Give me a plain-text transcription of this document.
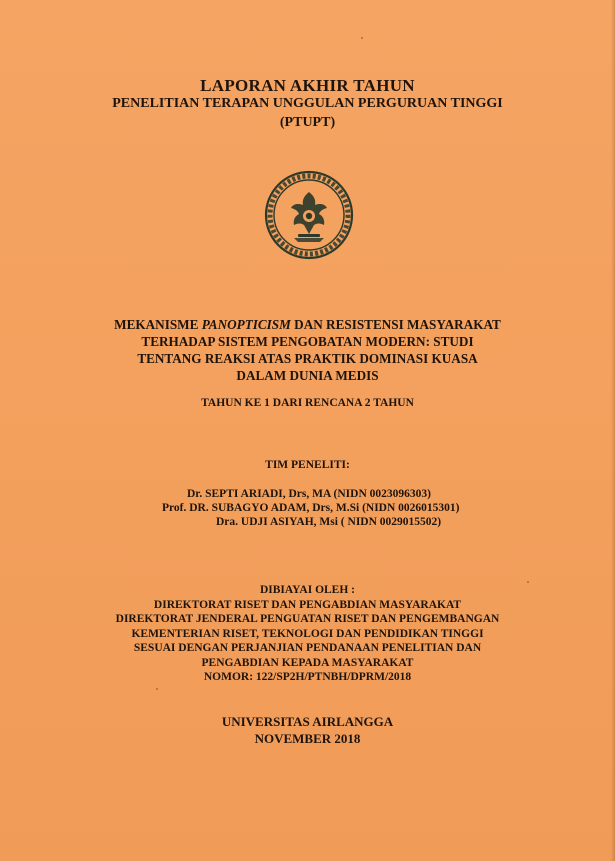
LAPORAN AKHIR TAHUN
PENELITIAN TERAPAN UNGGULAN PERGURUAN TINGGI
(PTUPT)
MEKANISME PANOPTICISM DAN RESISTENSI MASYARAKAT
TERHADAP SISTEM PENGOBATAN MODERN: STUDI
TENTANG REAKSI ATAS PRAKTIK DOMINASI KUASA
DALAM DUNIA MEDIS
TAHUN KE 1 DARI RENCANA 2 TAHUN
TIM PENELITI:
Dr. SEPTI ARIADI, Drs, MA (NIDN 0023096303)
Prof. DR. SUBAGYO ADAM, Drs, M.Si (NIDN 0026015301)
Dra. UDJI ASIYAH, Msi ( NIDN 0029015502)
DIBIAYAI OLEH :
DIREKTORAT RISET DAN PENGABDIAN MASYARAKAT
DIREKTORAT JENDERAL PENGUATAN RISET DAN PENGEMBANGAN
KEMENTERIAN RISET, TEKNOLOGI DAN PENDIDIKAN TINGGI
SESUAI DENGAN PERJANJIAN PENDANAAN PENELITIAN DAN
PENGABDIAN KEPADA MASYARAKAT
NOMOR: 122/SP2H/PTNBH/DPRM/2018
UNIVERSITAS AIRLANGGA
NOVEMBER 2018
